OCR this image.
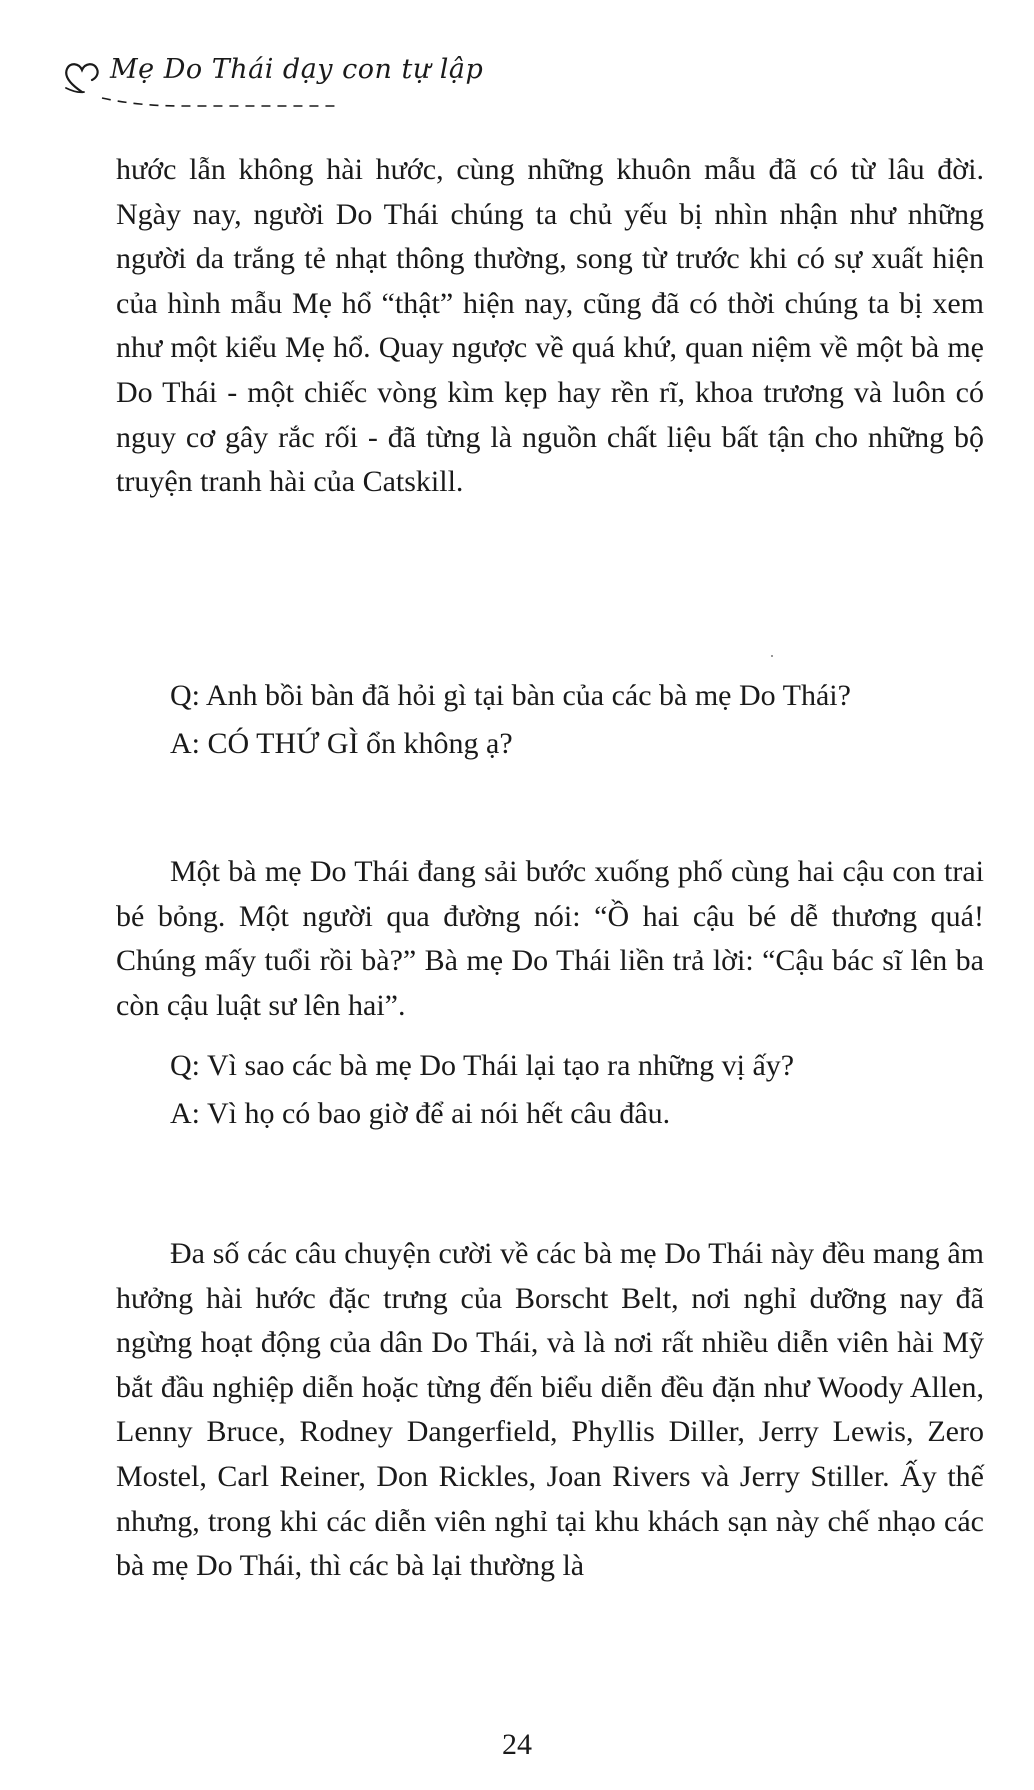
Mẹ Do Thái dạy con tự lập

hước lẫn không hài hước, cùng những khuôn mẫu đã có từ lâu đời. Ngày nay, người Do Thái chúng ta chủ yếu bị nhìn nhận như những người da trắng tẻ nhạt thông thường, song từ trước khi có sự xuất hiện của hình mẫu Mẹ hổ “thật” hiện nay, cũng đã có thời chúng ta bị xem như một kiểu Mẹ hổ. Quay ngược về quá khứ, quan niệm về một bà mẹ Do Thái - một chiếc vòng kìm kẹp hay rền rĩ, khoa trương và luôn có nguy cơ gây rắc rối - đã từng là nguồn chất liệu bất tận cho những bộ truyện tranh hài của Catskill.

Q: Anh bồi bàn đã hỏi gì tại bàn của các bà mẹ Do Thái?
A: CÓ THỨ GÌ ổn không ạ?

Một bà mẹ Do Thái đang sải bước xuống phố cùng hai cậu con trai bé bỏng. Một người qua đường nói: “Ồ hai cậu bé dễ thương quá! Chúng mấy tuổi rồi bà?” Bà mẹ Do Thái liền trả lời: “Cậu bác sĩ lên ba còn cậu luật sư lên hai”.

Q: Vì sao các bà mẹ Do Thái lại tạo ra những vị ấy?
A: Vì họ có bao giờ để ai nói hết câu đâu.

Đa số các câu chuyện cười về các bà mẹ Do Thái này đều mang âm hưởng hài hước đặc trưng của Borscht Belt, nơi nghỉ dưỡng nay đã ngừng hoạt động của dân Do Thái, và là nơi rất nhiều diễn viên hài Mỹ bắt đầu nghiệp diễn hoặc từng đến biểu diễn đều đặn như Woody Allen, Lenny Bruce, Rodney Dangerfield, Phyllis Diller, Jerry Lewis, Zero Mostel, Carl Reiner, Don Rickles, Joan Rivers và Jerry Stiller. Ấy thế nhưng, trong khi các diễn viên nghỉ tại khu khách sạn này chế nhạo các bà mẹ Do Thái, thì các bà lại thường là

24
